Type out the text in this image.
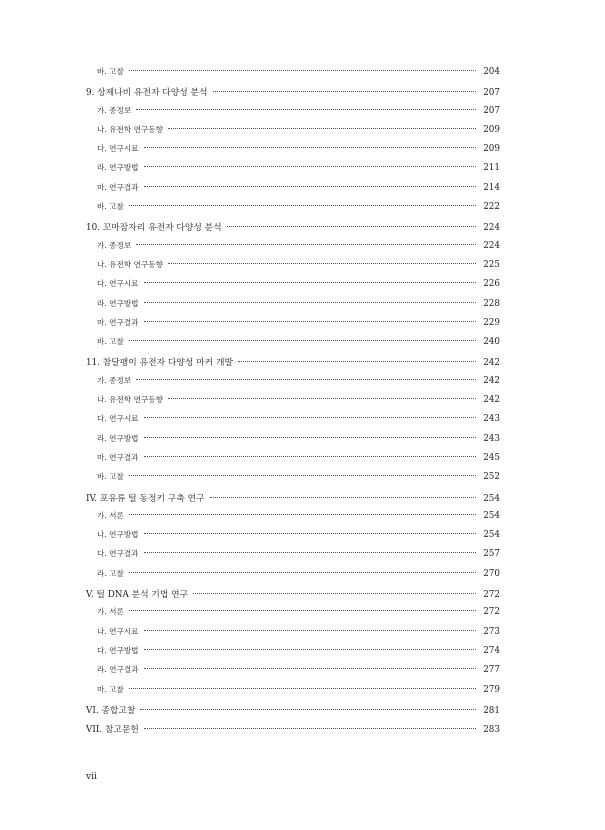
바. 고찰	204
9. 상제나비 유전자 다양성 분석	207
가. 종정보	207
나. 유전학 연구동향	209
다. 연구시료	209
라. 연구방법	211
마. 연구결과	214
바. 고찰	222
10. 꼬마잠자리 유전자 다양성 분석	224
가. 종정보	224
나. 유전학 연구동향	225
다. 연구시료	226
라. 연구방법	228
마. 연구결과	229
바. 고찰	240
11. 참달팽이 유전자 다양성 마커 개발	242
가. 종정보	242
나. 유전학 연구동향	242
다. 연구시료	243
라. 연구방법	243
마. 연구결과	245
바. 고찰	252
IV. 포유류 털 동정키 구축 연구	254
가. 서론	254
나. 연구방법	254
다. 연구결과	257
라. 고찰	270
V. 털 DNA 분석 기법 연구	272
가. 서론	272
나. 연구시료	273
다. 연구방법	274
라. 연구결과	277
마. 고찰	279
VI. 종합고찰	281
VII. 참고문헌	283
vii
